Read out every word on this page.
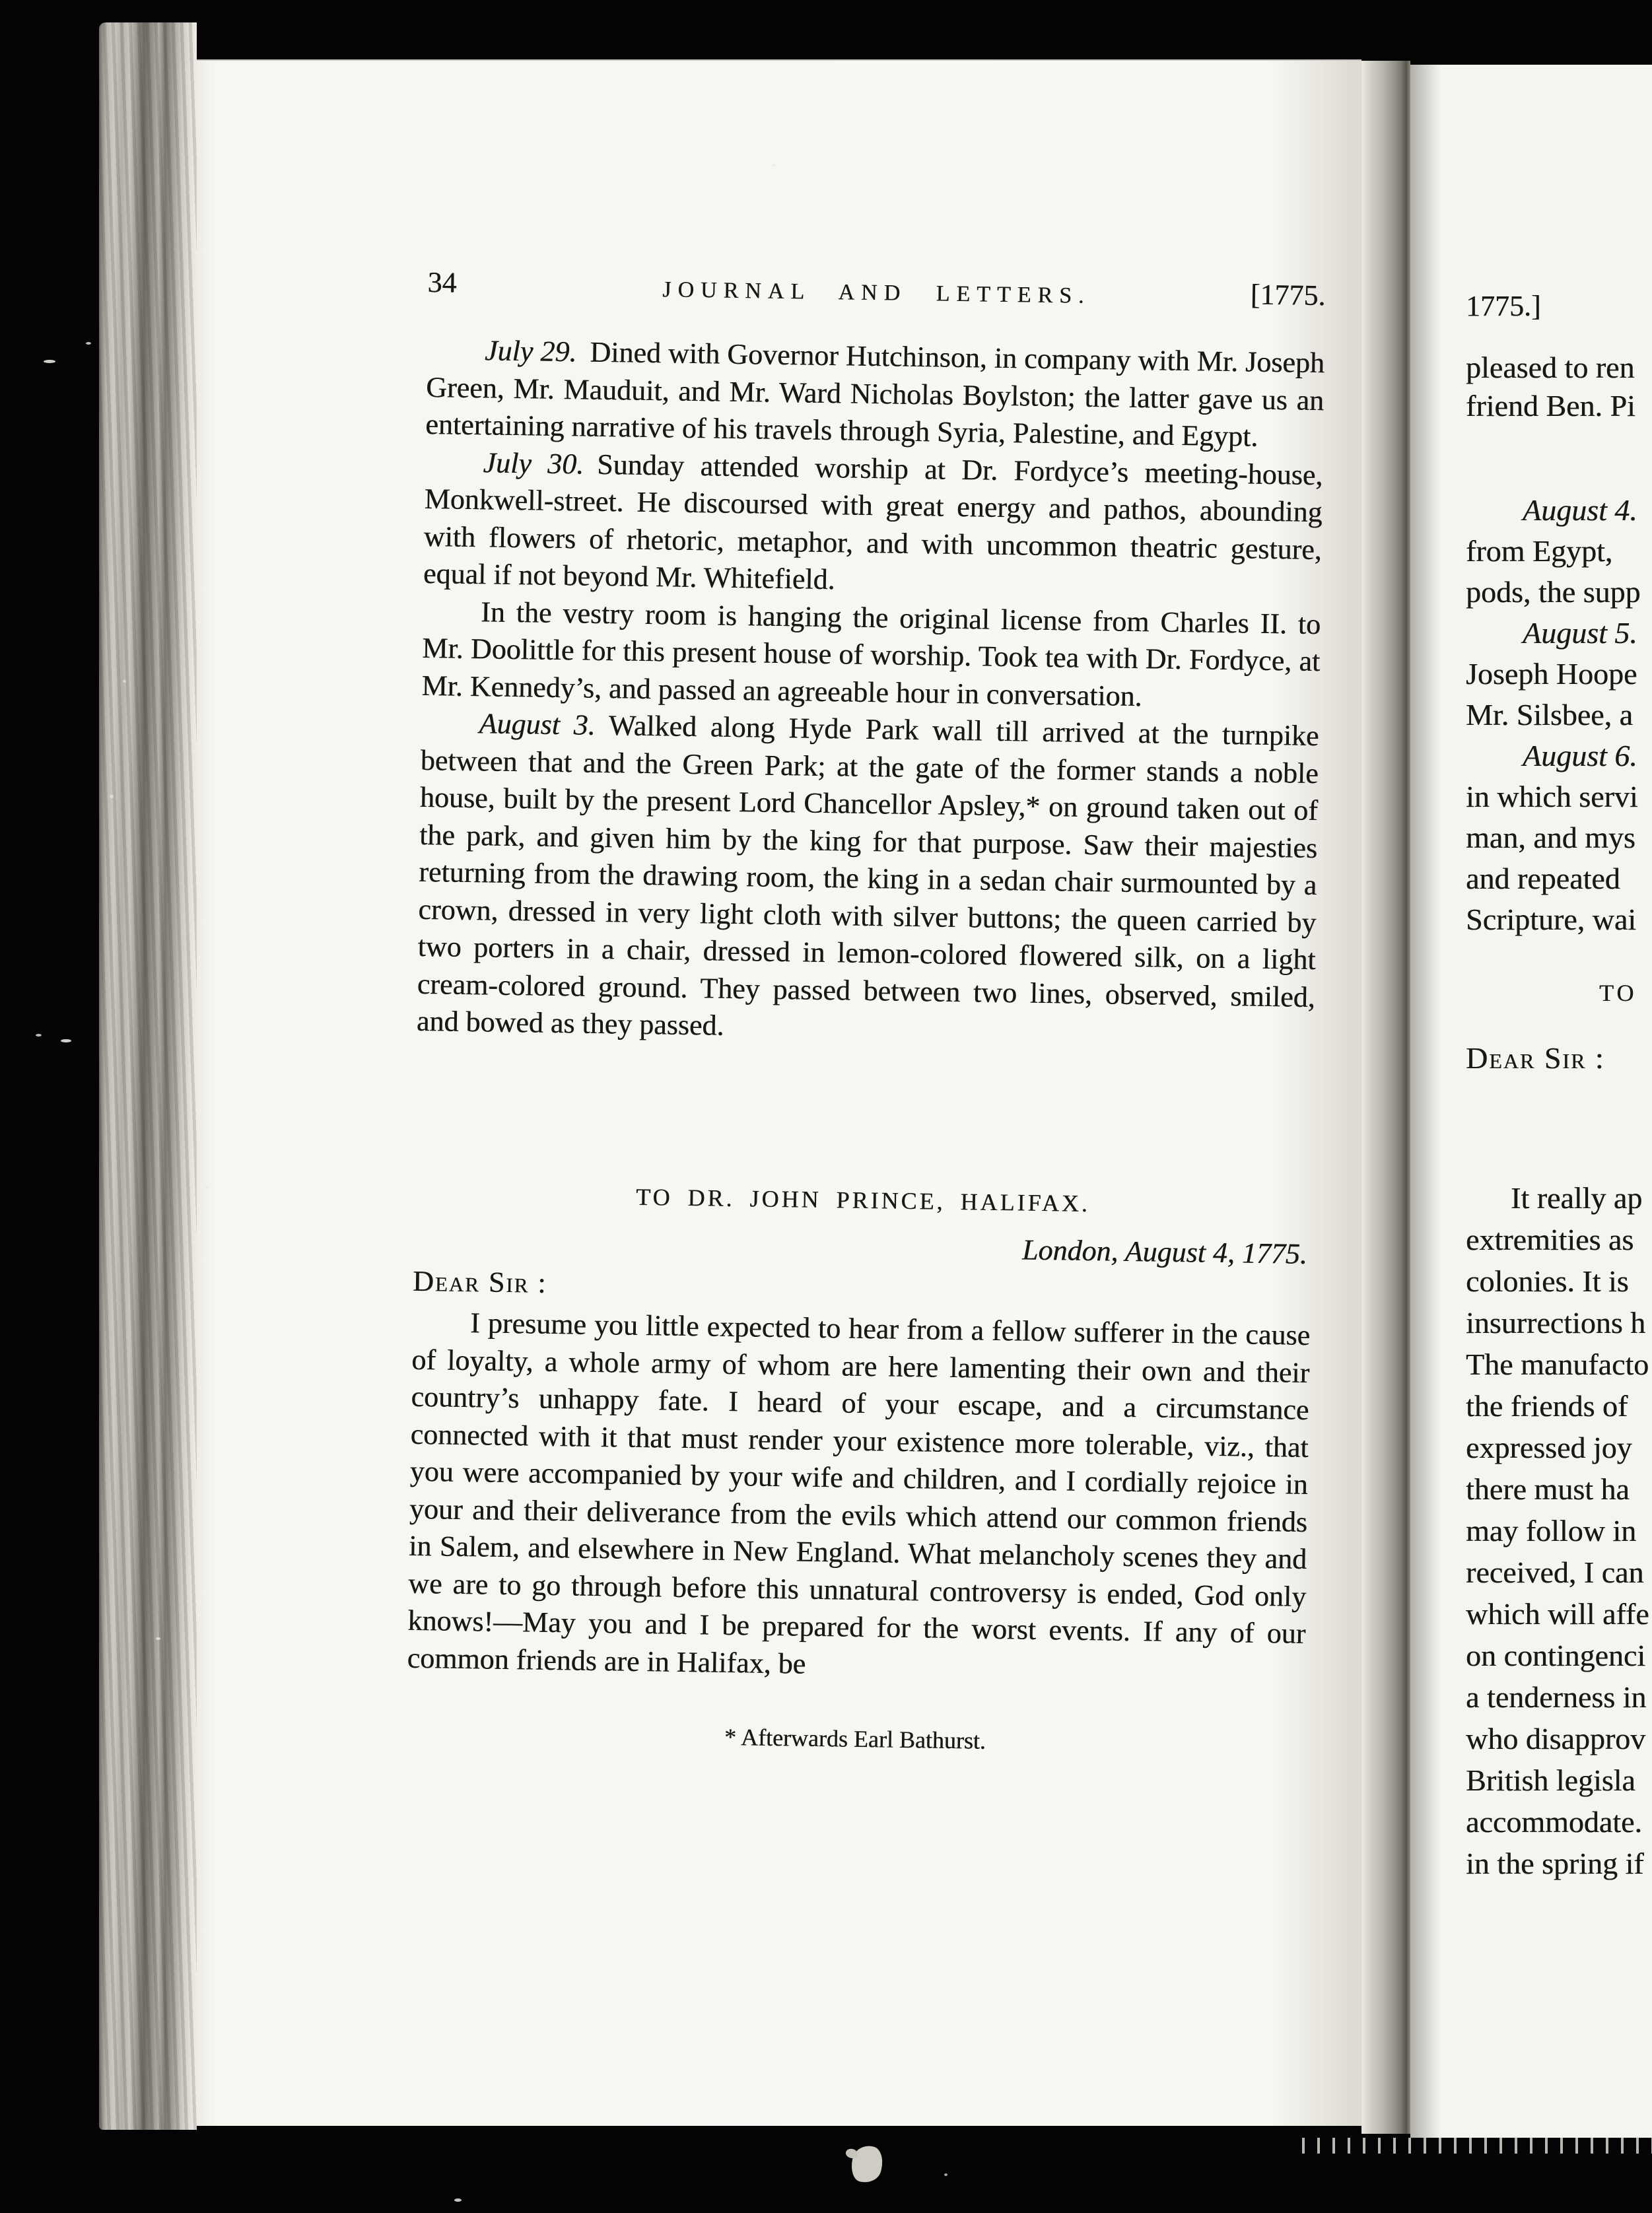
34	JOURNAL AND LETTERS.	[1775.

July 29. Dined with Governor Hutchinson, in company with Mr. Joseph Green, Mr. Mauduit, and Mr. Ward Nicholas Boylston; the latter gave us an entertaining narrative of his travels through Syria, Palestine, and Egypt.

July 30. Sunday attended worship at Dr. Fordyce’s meeting-house, Monkwell-street. He discoursed with great energy and pathos, abounding with flowers of rhetoric, metaphor, and with uncommon theatric gesture, equal if not beyond Mr. Whitefield.

In the vestry room is hanging the original license from Charles II. to Mr. Doolittle for this present house of worship. Took tea with Dr. Fordyce, at Mr. Kennedy’s, and passed an agreeable hour in conversation.

August 3. Walked along Hyde Park wall till arrived at the turnpike between that and the Green Park; at the gate of the former stands a noble house, built by the present Lord Chancellor Apsley,* on ground taken out of the park, and given him by the king for that purpose. Saw their majesties returning from the drawing room, the king in a sedan chair surmounted by a crown, dressed in very light cloth with silver buttons; the queen carried by two porters in a chair, dressed in lemon-colored flowered silk, on a light cream-colored ground. They passed between two lines, observed, smiled, and bowed as they passed.

TO DR. JOHN PRINCE, HALIFAX.
London, August 4, 1775.
Dear Sir :

I presume you little expected to hear from a fellow sufferer in the cause of loyalty, a whole army of whom are here lamenting their own and their country’s unhappy fate. I heard of your escape, and a circumstance connected with it that must render your existence more tolerable, viz., that you were accompanied by your wife and children, and I cordially rejoice in your and their deliverance from the evils which attend our common friends in Salem, and elsewhere in New England. What melancholy scenes they and we are to go through before this unnatural controversy is ended, God only knows!—May you and I be prepared for the worst events. If any of our common friends are in Halifax, be

* Afterwards Earl Bathurst.
1775.]
pleased to ren
friend Ben. Pi
August 4.
from Egypt,
pods, the supp
August 5.
Joseph Hoope
Mr. Silsbee, a
August 6.
in which servi
man, and mys
and repeated
Scripture, wai
TO
Dear Sir :
It really ap
extremities as
colonies. It is
insurrections h
The manufacto
the friends of
expressed joy
there must ha
may follow in
received, I can
which will affe
on contingenci
a tenderness in
who disapprov
British legisla
accommodate.
in the spring if
